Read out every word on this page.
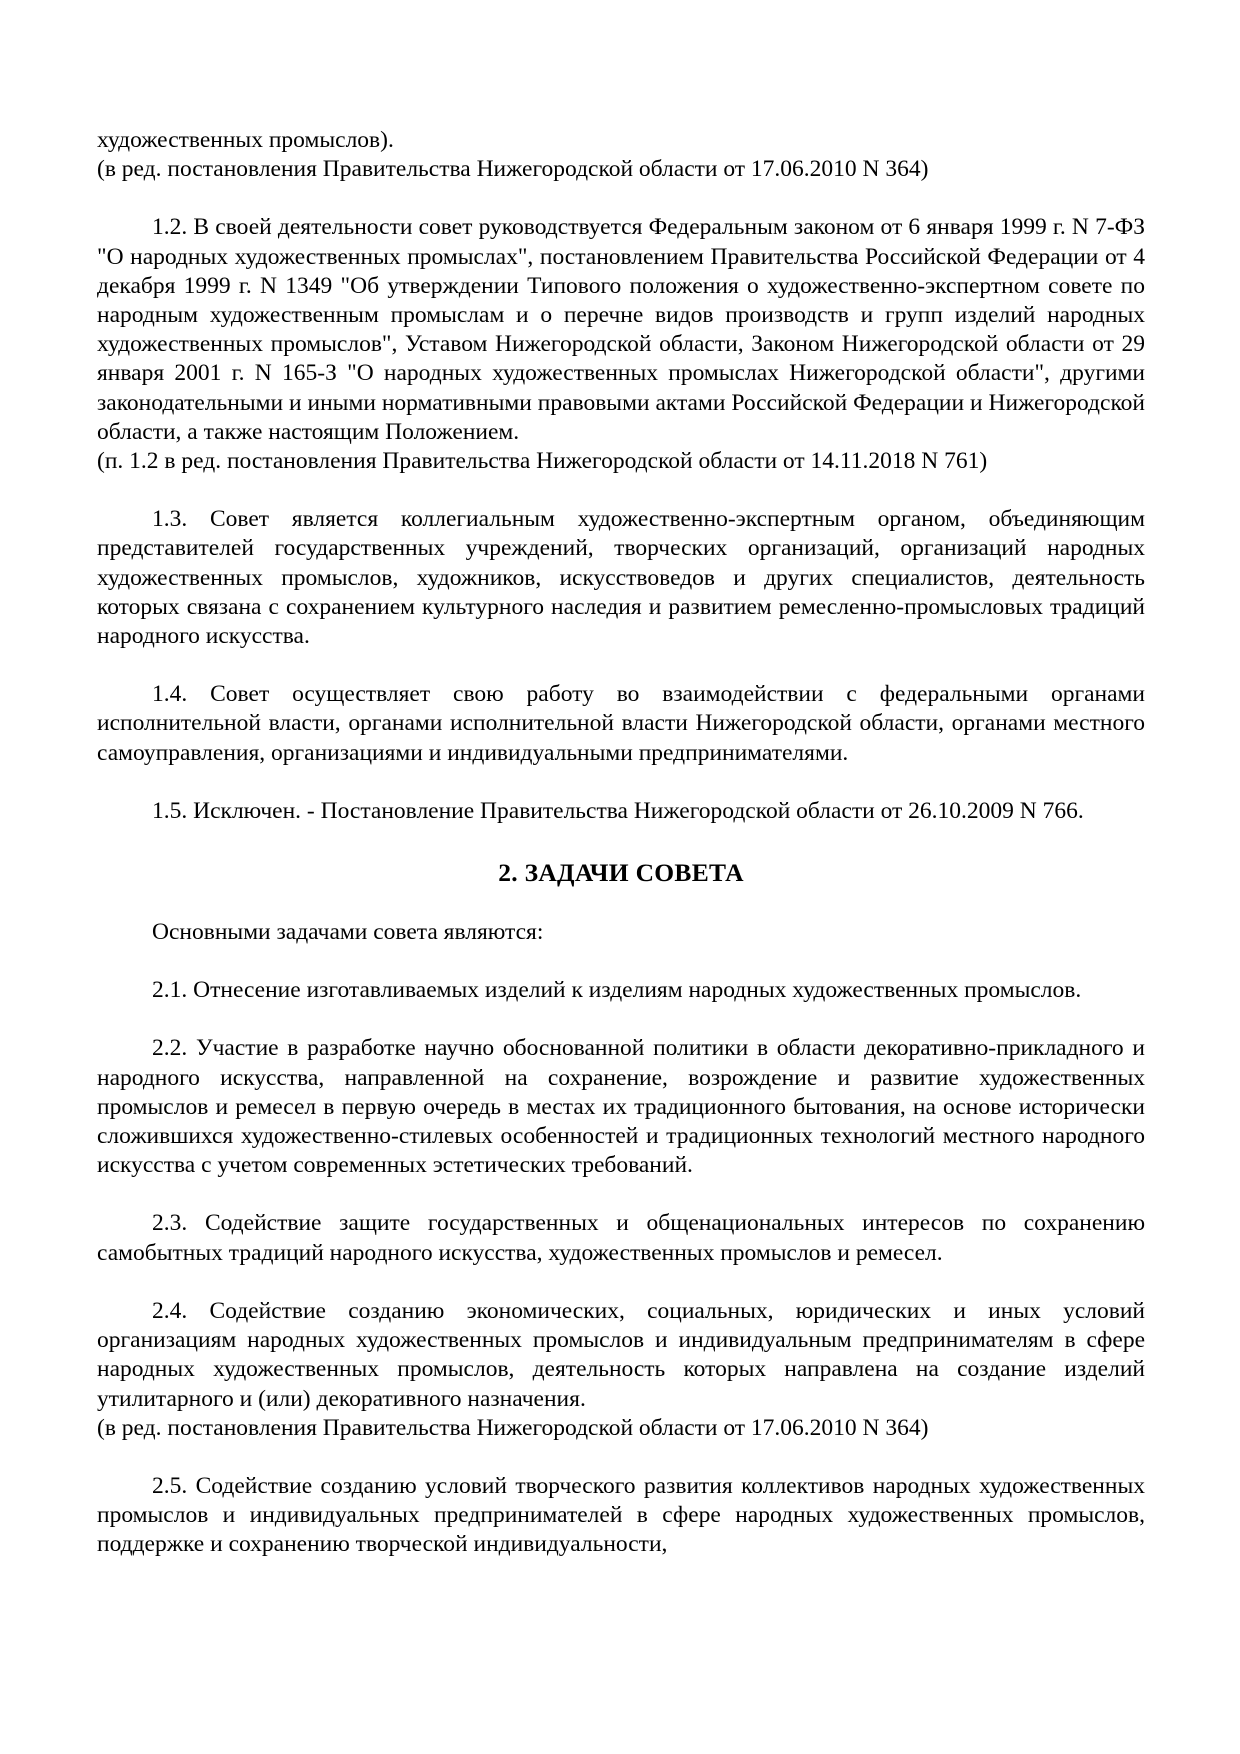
художественных промыслов).

(в ред. постановления Правительства Нижегородской области от 17.06.2010 N 364)

1.2. В своей деятельности совет руководствуется Федеральным законом от 6 января 1999 г. N 7-ФЗ "О народных художественных промыслах", постановлением Правительства Российской Федерации от 4 декабря 1999 г. N 1349 "Об утверждении Типового положения о художественно-экспертном совете по народным художественным промыслам и о перечне видов производств и групп изделий народных художественных промыслов", Уставом Нижегородской области, Законом Нижегородской области от 29 января 2001 г. N 165-З "О народных художественных промыслах Нижегородской области", другими законодательными и иными нормативными правовыми актами Российской Федерации и Нижегородской области, а также настоящим Положением.

(п. 1.2 в ред. постановления Правительства Нижегородской области от 14.11.2018 N 761)

1.3. Совет является коллегиальным художественно-экспертным органом, объединяющим представителей государственных учреждений, творческих организаций, организаций народных художественных промыслов, художников, искусствоведов и других специалистов, деятельность которых связана с сохранением культурного наследия и развитием ремесленно-промысловых традиций народного искусства.

1.4. Совет осуществляет свою работу во взаимодействии с федеральными органами исполнительной власти, органами исполнительной власти Нижегородской области, органами местного самоуправления, организациями и индивидуальными предпринимателями.

1.5. Исключен. - Постановление Правительства Нижегородской области от 26.10.2009 N 766.

2. ЗАДАЧИ СОВЕТА

Основными задачами совета являются:

2.1. Отнесение изготавливаемых изделий к изделиям народных художественных промыслов.

2.2. Участие в разработке научно обоснованной политики в области декоративно-прикладного и народного искусства, направленной на сохранение, возрождение и развитие художественных промыслов и ремесел в первую очередь в местах их традиционного бытования, на основе исторически сложившихся художественно-стилевых особенностей и традиционных технологий местного народного искусства с учетом современных эстетических требований.

2.3. Содействие защите государственных и общенациональных интересов по сохранению самобытных традиций народного искусства, художественных промыслов и ремесел.

2.4. Содействие созданию экономических, социальных, юридических и иных условий организациям народных художественных промыслов и индивидуальным предпринимателям в сфере народных художественных промыслов, деятельность которых направлена на создание изделий утилитарного и (или) декоративного назначения.

(в ред. постановления Правительства Нижегородской области от 17.06.2010 N 364)

2.5. Содействие созданию условий творческого развития коллективов народных художественных промыслов и индивидуальных предпринимателей в сфере народных художественных промыслов, поддержке и сохранению творческой индивидуальности,
